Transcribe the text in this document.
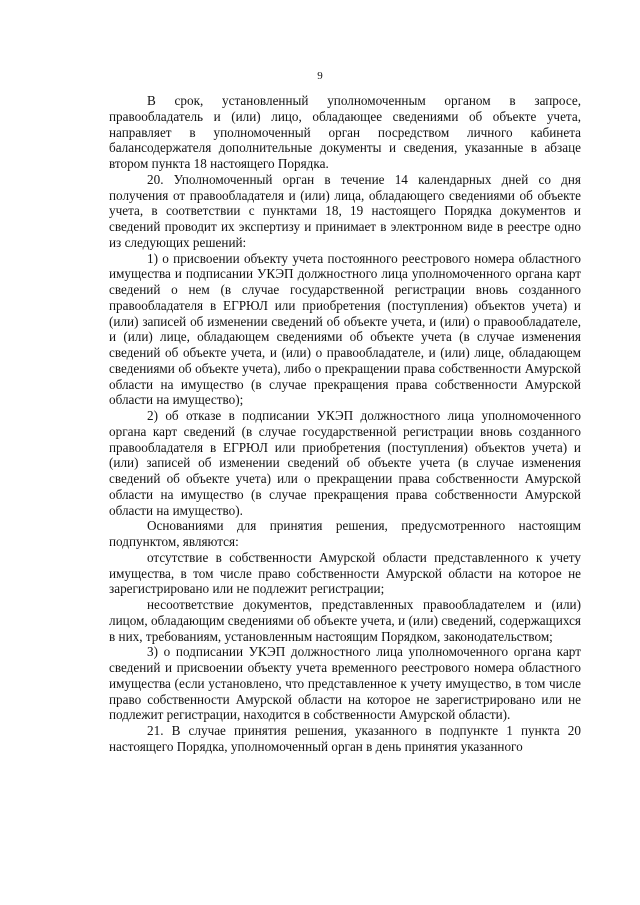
9

В срок, установленный уполномоченным органом в запросе, правообладатель и (или) лицо, обладающее сведениями об объекте учета, направляет в уполномоченный орган посредством личного кабинета балансодержателя дополнительные документы и сведения, указанные в абзаце втором пункта 18 настоящего Порядка.

20. Уполномоченный орган в течение 14 календарных дней со дня получения от правообладателя и (или) лица, обладающего сведениями об объекте учета, в соответствии с пунктами 18, 19 настоящего Порядка документов и сведений проводит их экспертизу и принимает в электронном виде в реестре одно из следующих решений:

1) о присвоении объекту учета постоянного реестрового номера областного имущества и подписании УКЭП должностного лица уполномоченного органа карт сведений о нем (в случае государственной регистрации вновь созданного правообладателя в ЕГРЮЛ или приобретения (поступления) объектов учета) и (или) записей об изменении сведений об объекте учета, и (или) о правообладателе, и (или) лице, обладающем сведениями об объекте учета (в случае изменения сведений об объекте учета, и (или) о правообладателе, и (или) лице, обладающем сведениями об объекте учета), либо о прекращении права собственности Амурской области на имущество (в случае прекращения права собственности Амурской области на имущество);

2) об отказе в подписании УКЭП должностного лица уполномоченного органа карт сведений (в случае государственной регистрации вновь созданного правообладателя в ЕГРЮЛ или приобретения (поступления) объектов учета) и (или) записей об изменении сведений об объекте учета (в случае изменения сведений об объекте учета) или о прекращении права собственности Амурской области на имущество (в случае прекращения права собственности Амурской области на имущество).

Основаниями для принятия решения, предусмотренного настоящим подпунктом, являются:

отсутствие в собственности Амурской области представленного к учету имущества, в том числе право собственности Амурской области на которое не зарегистрировано или не подлежит регистрации;

несоответствие документов, представленных правообладателем и (или) лицом, обладающим сведениями об объекте учета, и (или) сведений, содержащихся в них, требованиям, установленным настоящим Порядком, законодательством;

3) о подписании УКЭП должностного лица уполномоченного органа карт сведений и присвоении объекту учета временного реестрового номера областного имущества (если установлено, что представленное к учету имущество, в том числе право собственности Амурской области на которое не зарегистрировано или не подлежит регистрации, находится в собственности Амурской области).

21. В случае принятия решения, указанного в подпункте 1 пункта 20 настоящего Порядка, уполномоченный орган в день принятия указанного
